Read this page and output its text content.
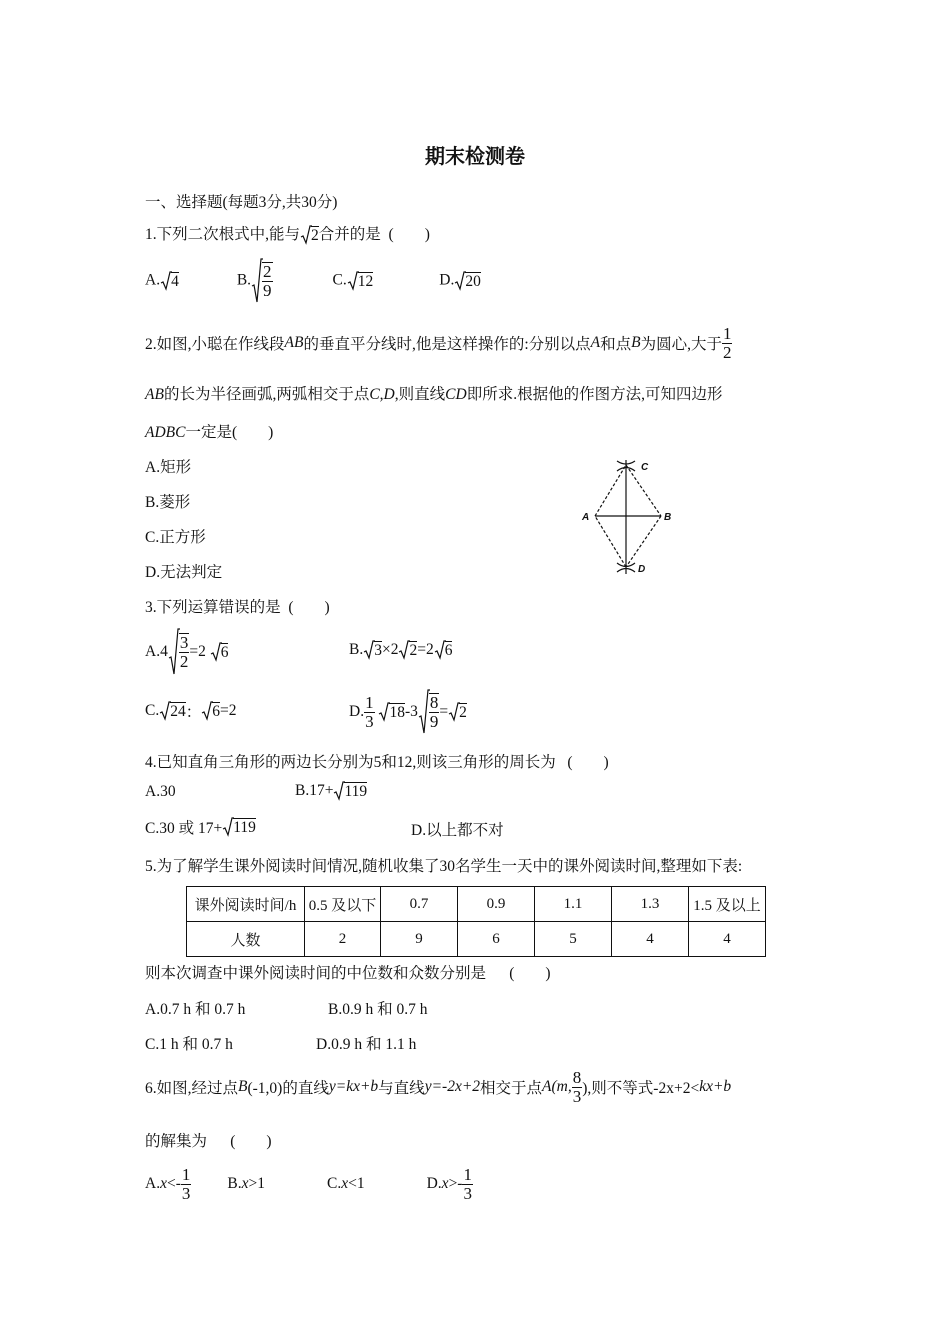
期末检测卷
一、选择题(每题3分,共30分)
1.下列二次根式中,能与 2合并的是 (　　)
A. 4	B. $\frac{2}{9}$	C. 12	D. 20
2.如图,小聪在作线段 AB 的垂直平分线时,他是这样操作的:分别以点 A 和点 B 为圆心,大于 $\frac{1}{2}$
AB的长为半径画弧,两弧相交于点C,D,则直线CD即所求.根据他的作图方法,可知四边形
ADBC一定是(　　)
A.矩形
B.菱形
C.正方形
D.无法判定
C
A	B
D
3.下列运算错误的是 (　　)
$A.4 \frac{3}{2} =2$
6	B. 3 ×2 2 =2 6
C. 24 ： 6 =2	D. $\frac{1}{3}$
18 $-3 \frac{8}{9} = 2$
4.已知直角三角形的两边长分别为5和12,则该三角形的周长为 (　　)
A.30	B.17+ 119
C.30 或 17+ 119	D.以上都不对
5.为了解学生课外阅读时间情况,随机收集了30名学生一天中的课外阅读时间,整理如下表:
课外阅读时间/h	0.5 及以下	0.7	0.9	1.1	1.3	1.5 及以上
人数	2	9	6	5	4	4
则本次调查中课外阅读时间的中位数和众数分别是 (　　)
A.0.7 h 和 0.7 h	B.0.9 h 和 0.7 h
C.1 h 和 0.7 h	D.0.9 h 和 1.1 h
6.如图,经过点 B (-1,0)的直线 y=kx+b 与直线 y=-2x+2 相交于点 A (m, $\frac{8}{3}$ ),则不等式-2x+2< kx+b
的解集为 (　　)
$A.x<- \frac{1}{3} B.x>1$	C.x<1	$D.x>- \frac{1}{3}$
